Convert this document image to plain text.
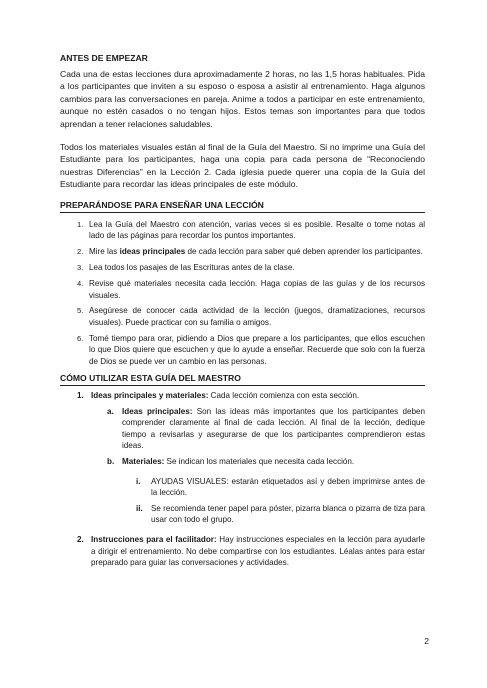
ANTES DE EMPEZAR

Cada una de estas lecciones dura aproximadamente 2 horas, no las 1,5 horas habituales. Pida a los participantes que inviten a su esposo o esposa a asistir al entrenamiento. Haga algunos cambios para las conversaciones en pareja. Anime a todos a participar en este entrenamiento, aunque no estén casados o no tengan hijos. Estos temas son importantes para que todos aprendan a tener relaciones saludables.

Todos los materiales visuales están al final de la Guía del Maestro. Si no imprime una Guía del Estudiante para los participantes, haga una copia para cada persona de “Reconociendo nuestras Diferencias” en la Lección 2. Cada iglesia puede querer una copia de la Guía del Estudiante para recordar las ideas principales de este módulo.

PREPARÁNDOSE PARA ENSEÑAR UNA LECCIÓN
1. Lea la Guía del Maestro con atención, varias veces si es posible. Resalte o tome notas al lado de las páginas para recordar los puntos importantes.
2. Mire las ideas principales de cada lección para saber qué deben aprender los participantes.
3. Lea todos los pasajes de las Escrituras antes de la clase.
4. Revise qué materiales necesita cada lección. Haga copias de las guías y de los recursos visuales.
5. Asegúrese de conocer cada actividad de la lección (juegos, dramatizaciones, recursos visuales). Puede practicar con su familia o amigos.
6. Tomé tiempo para orar, pidiendo a Dios que prepare a los participantes, que ellos escuchen lo que Dios quiere que escuchen y que lo ayude a enseñar. Recuerde que solo con la fuerza de Dios se puede ver un cambio en las personas.
CÓMO UTILIZAR ESTA GUÍA DEL MAESTRO
1. Ideas principales y materiales: Cada lección comienza con esta sección.
a. Ideas principales: Son las ideas más importantes que los participantes deben comprender claramente al final de cada lección. Al final de la lección, dedique tiempo a revisarlas y asegurarse de que los participantes comprendieron estas ideas.
b. Materiales: Se indican los materiales que necesita cada lección.
i. AYUDAS VISUALES: estarán etiquetados así y deben imprimirse antes de la lección.
ii. Se recomienda tener papel para póster, pizarra blanca o pizarra de tiza para usar con todo el grupo.
2. Instrucciones para el facilitador: Hay instrucciones especiales en la lección para ayudarle a dirigir el entrenamiento. No debe compartirse con los estudiantes. Léalas antes para estar preparado para guiar las conversaciones y actividades.
2
